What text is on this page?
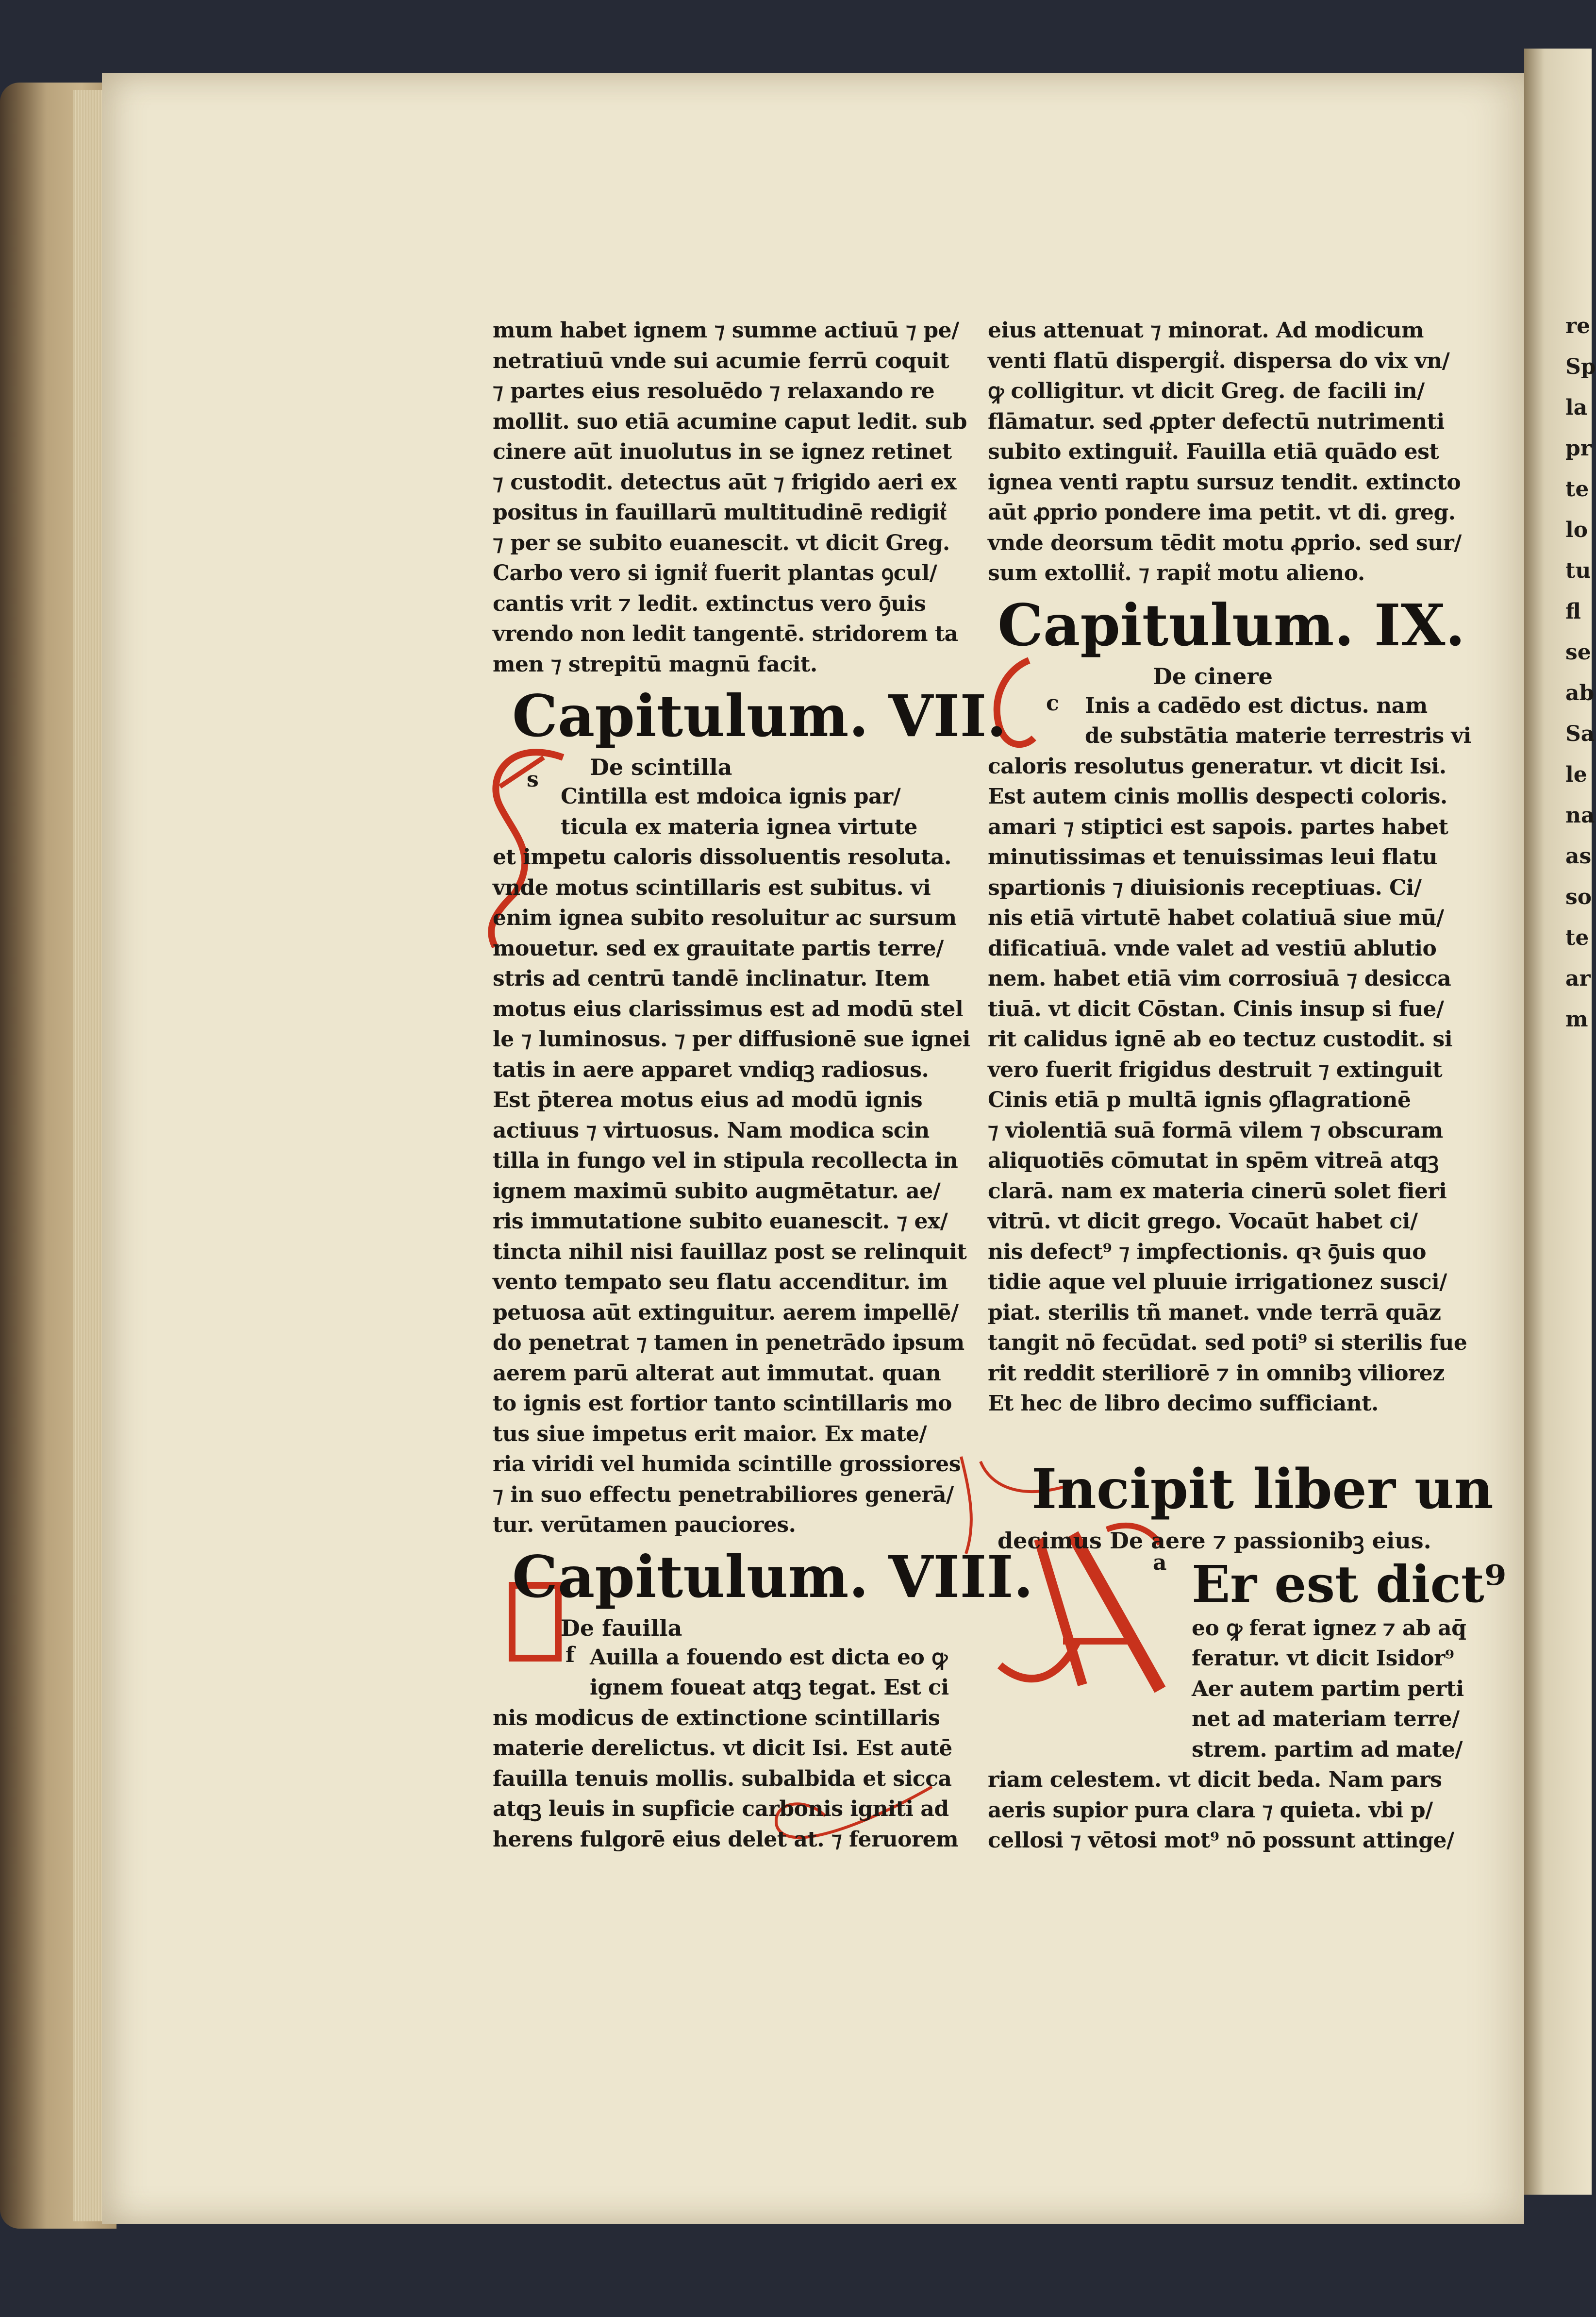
re
Sp
la
pr
te
lo
tu
fl
se
ab
Sa
le
na
as
so
te
ar
m
mum habet ignem ⁊ summe actiuū ⁊ pe/
netratiuū vnde sui acumie ferrū coquit
⁊ partes eius resoluēdo ⁊ relaxando re
mollit. suo etiā acumine caput ledit. sub
cinere aūt inuolutus in se ignez retinet
⁊ custodit. detectus aūt ⁊ frigido aeri ex
positus in fauillarū multitudinē redigit͛
⁊ per se subito euanescit. vt dicit Greg.
Carbo vero si ignit͛ fuerit plantas ꝯcul/
cantis vrit ⁊ ledit. extinctus vero ꝯ̄uis
vrendo non ledit tangentē. stridorem ta
men ⁊ strepitū magnū facit.
Capitulum. VII.
De scintilla
s
Cintilla est mdoica ignis par/
ticula ex materia ignea virtute
et impetu caloris dissoluentis resoluta.
vnde motus scintillaris est subitus. vi
enim ignea subito resoluitur ac sursum
mouetur. sed ex grauitate partis terre/
stris ad centrū tandē inclinatur. Item
motus eius clarissimus est ad modū stel
le ⁊ luminosus. ⁊ per diffusionē sue ignei
tatis in aere apparet vndiqꝫ radiosus.
Est p̄terea motus eius ad modū ignis
actiuus ⁊ virtuosus. Nam modica scin
tilla in fungo vel in stipula recollecta in
ignem maximū subito augmētatur. ae/
ris immutatione subito euanescit. ⁊ ex/
tincta nihil nisi fauillaz post se relinquit
vento tempato seu flatu accenditur. im
petuosa aūt extinguitur. aerem impellē/
do penetrat ⁊ tamen in penetrādo ipsum
aerem parū alterat aut immutat. quan
to ignis est fortior tanto scintillaris mo
tus siue impetus erit maior. Ex mate/
ria viridi vel humida scintille grossiores
⁊ in suo effectu penetrabiliores generā/
tur. verūtamen pauciores.
Capitulum. VIII.
De fauilla
f Auilla a fouendo est dicta eo ꝙ
ignem foueat atqꝫ tegat. Est ci
nis modicus de extinctione scintillaris
materie derelictus. vt dicit Isi. Est autē
fauilla tenuis mollis. subalbida et sicca
atqꝫ leuis in supficie carbonis igniti ad
herens fulgorē eius delet at. ⁊ feruorem
eius attenuat ⁊ minorat. Ad modicum
venti flatū dispergit͛. dispersa do vix vn/
ꝙ colligitur. vt dicit Greg. de facili in/
flāmatur. sed ꝓpter defectū nutrimenti
subito extinguit͛. Fauilla etiā quādo est
ignea venti raptu sursuz tendit. extincto
aūt ꝓprio pondere ima petit. vt di. greg.
vnde deorsum tēdit motu ꝓprio. sed sur/
sum extollit͛. ⁊ rapit͛ motu alieno.
Capitulum. IX.
De cinere
c	Inis a cadēdo est dictus. nam
de substātia materie terrestris vi
caloris resolutus generatur. vt dicit Isi.
Est autem cinis mollis despecti coloris.
amari ⁊ stiptici est sapois. partes habet
minutissimas et tenuissimas leui flatu
spartionis ⁊ diuisionis receptiuas. Ci/
nis etiā virtutē habet colatiuā siue mū/
dificatiuā. vnde valet ad vestiū ablutio
nem. habet etiā vim corrosiuā ⁊ desicca
tiuā. vt dicit Cōstan. Cinis insup si fue/
rit calidus ignē ab eo tectuz custodit. si
vero fuerit frigidus destruit ⁊ extinguit
Cinis etiā p multā ignis ꝯflagrationē
⁊ violentiā suā formā vilem ⁊ obscuram
aliquotiēs cōmutat in spēm vitreā atqꝫ
clarā. nam ex materia cinerū solet fieri
vitrū. vt dicit grego. Vocaūt habet ci/
nis defect⁹ ⁊ imꝑfectionis. qꝛ ꝯ̄uis quo
tidie aque vel pluuie irrigationez susci/
piat. sterilis tñ manet. vnde terrā quāz
tangit nō fecūdat. sed poti⁹ si sterilis fue
rit reddit steriliorē ⁊ in omnibꝫ viliorez
Et hec de libro decimo sufficiant.
Incipit liber un
decimus De aere ⁊ passionibꝫ eius.
Er est dict⁹
a
eo ꝙ ferat ignez ⁊ ab aq̄
feratur. vt dicit Isidor⁹
Aer autem partim perti
net ad materiam terre/
strem. partim ad mate/
riam celestem. vt dicit beda. Nam pars
aeris supior pura clara ⁊ quieta. vbi p/
cellosi ⁊ vētosi mot⁹ nō possunt attinge/
